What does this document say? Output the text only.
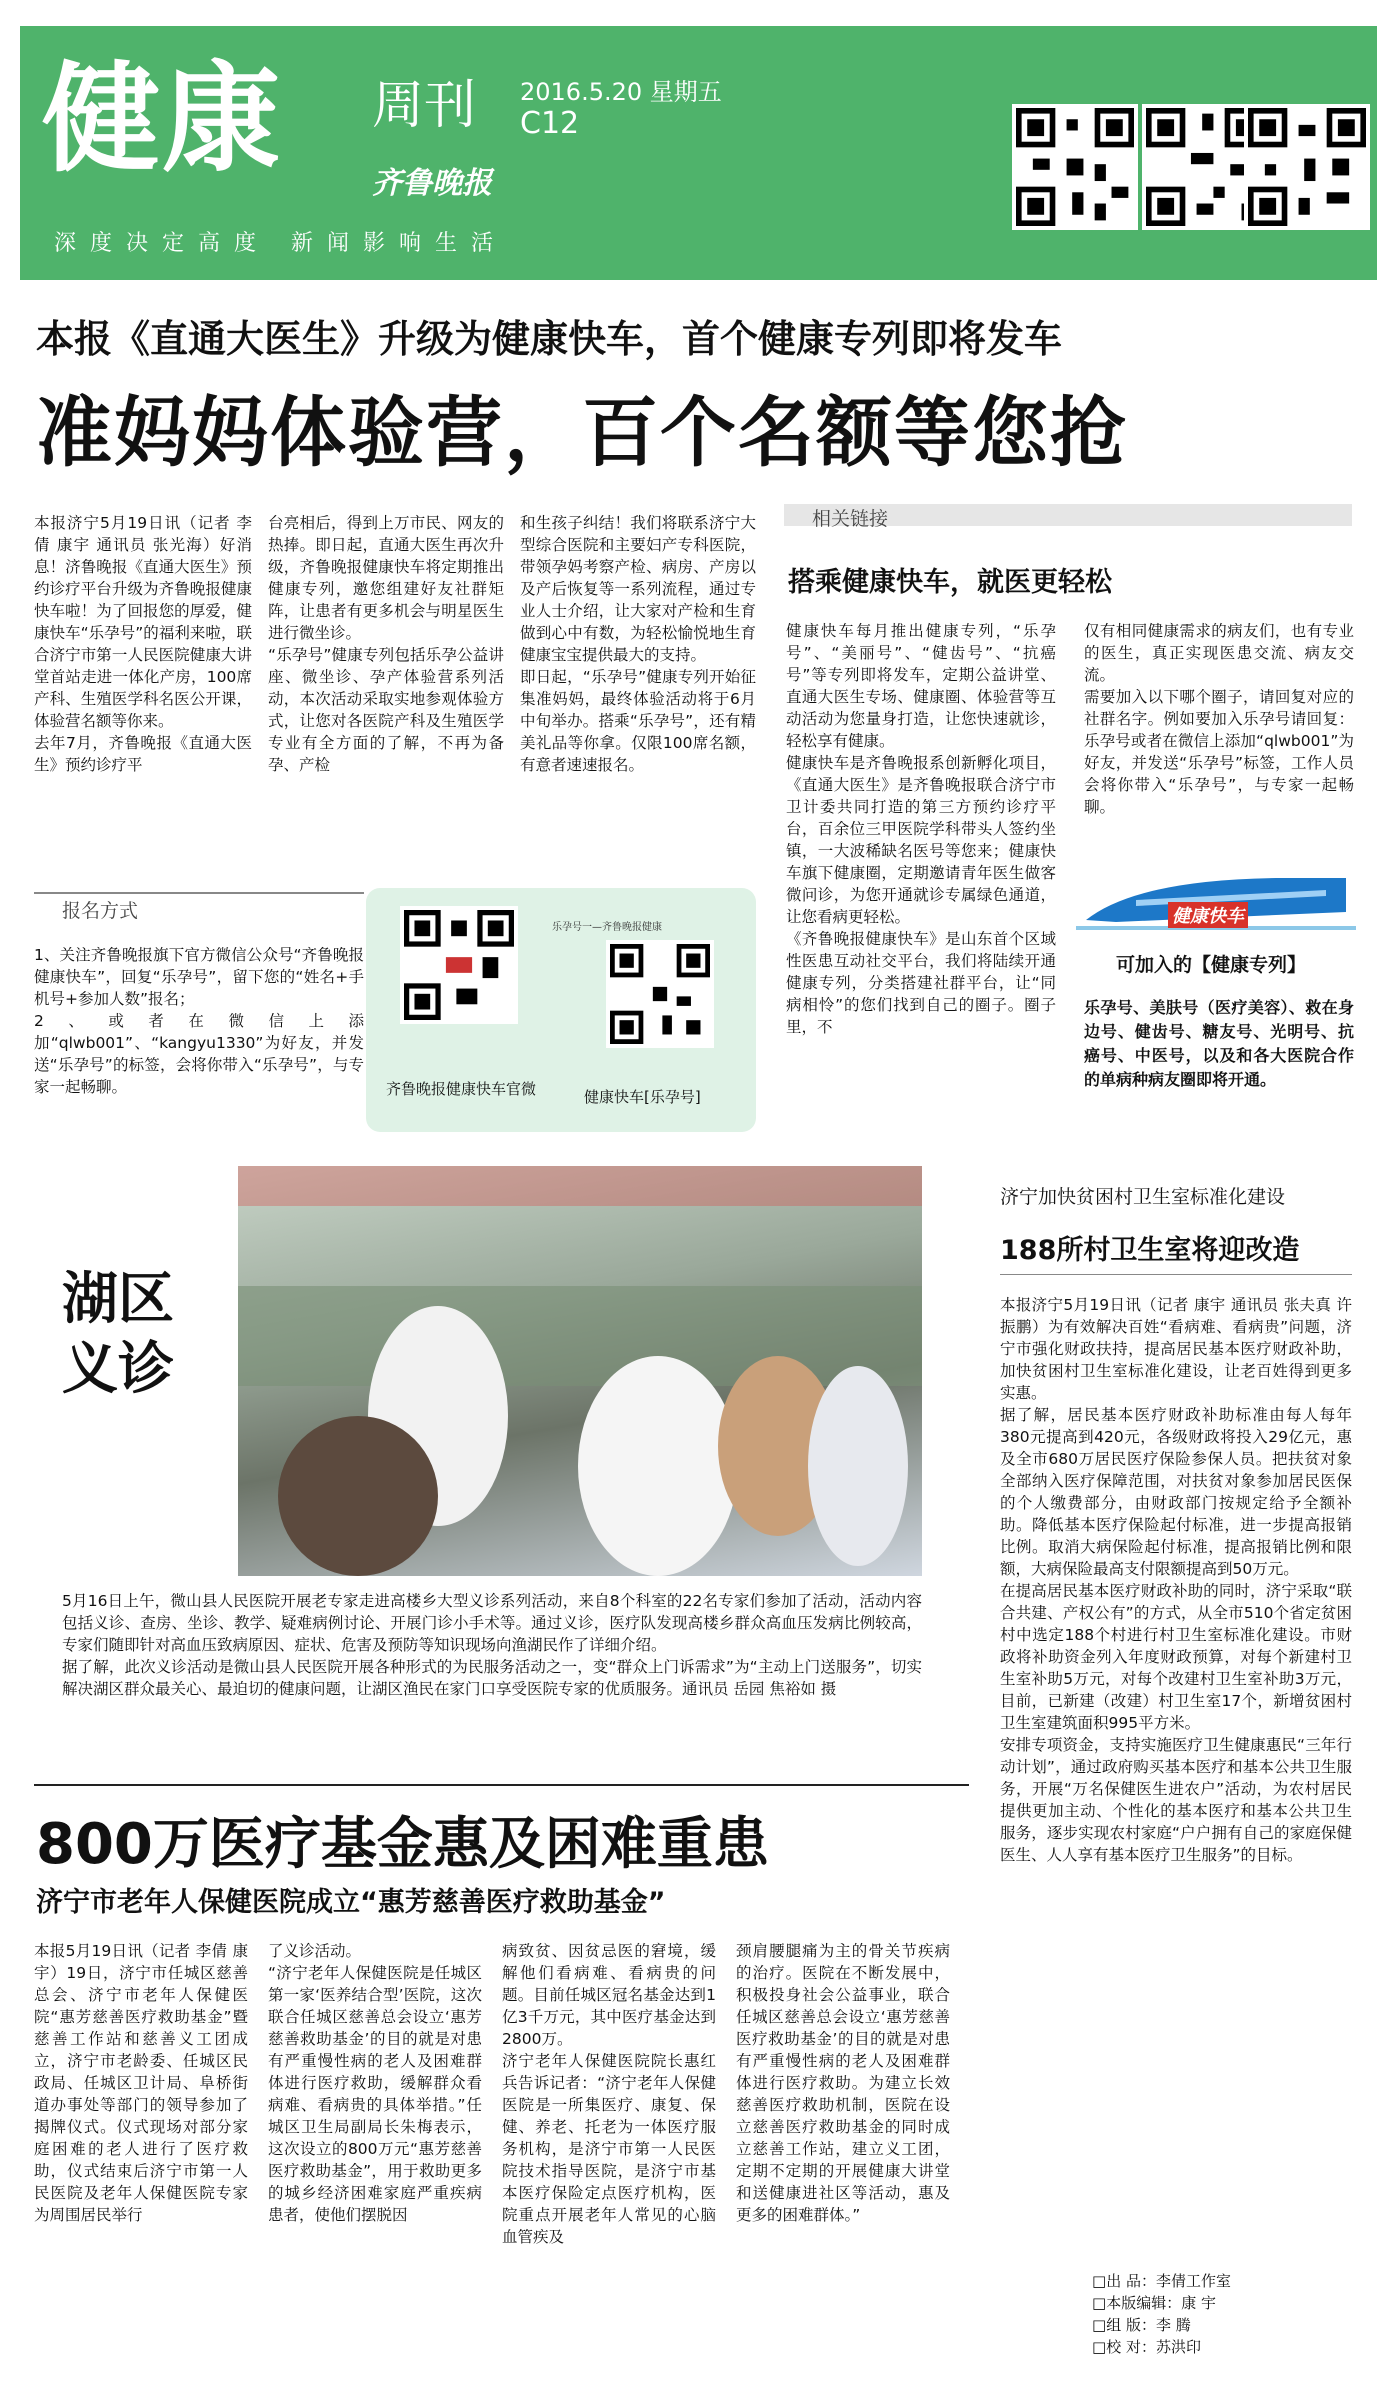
健康 周刊
齐鲁晚报
2016.5.20 星期五
C12
深度决定高度 新闻影响生活
本报《直通大医生》升级为健康快车，首个健康专列即将发车
准妈妈体验营，百个名额等您抢
本报济宁5月19日讯（记者 李倩 康宇 通讯员 张光海）好消息！济鲁晚报《直通大医生》预约诊疗平台升级为齐鲁晚报健康快车啦！为了回报您的厚爱，健康快车“乐孕号”的福利来啦，联合济宁市第一人民医院健康大讲堂首站走进一体化产房，100席产科、生殖医学科名医公开课，体验营名额等你来。
去年7月，齐鲁晚报《直通大医生》预约诊疗平
台亮相后，得到上万市民、网友的热捧。即日起，直通大医生再次升级，齐鲁晚报健康快车将定期推出健康专列，邀您组建好友社群矩阵，让患者有更多机会与明星医生进行微坐诊。
“乐孕号”健康专列包括乐孕公益讲座、微坐诊、孕产体验营系列活动，本次活动采取实地参观体验方式，让您对各医院产科及生殖医学专业有全方面的了解，不再为备孕、产检
和生孩子纠结！我们将联系济宁大型综合医院和主要妇产专科医院，带领孕妈考察产检、病房、产房以及产后恢复等一系列流程，通过专业人士介绍，让大家对产检和生育做到心中有数，为轻松愉悦地生育健康宝宝提供最大的支持。
即日起，“乐孕号”健康专列开始征集准妈妈，最终体验活动将于6月中旬举办。搭乘“乐孕号”，还有精美礼品等你拿。仅限100席名额，有意者速速报名。
报名方式
1、关注齐鲁晚报旗下官方微信公众号“齐鲁晚报健康快车”，回复“乐孕号”，留下您的“姓名+手机号+参加人数”报名；
2、或者在微信上添加“qlwb001”、“kangyu1330”为好友，并发送“乐孕号”的标签，会将你带入“乐孕号”，与专家一起畅聊。
乐孕号一—齐鲁晚报健康
齐鲁晚报健康快车官微	健康快车[乐孕号]
相关链接
搭乘健康快车，就医更轻松
健康快车每月推出健康专列，“乐孕号”、“美丽号”、“健齿号”、“抗癌号”等专列即将发车，定期公益讲堂、直通大医生专场、健康圈、体验营等互动活动为您量身打造，让您快速就诊，轻松享有健康。
健康快车是齐鲁晚报系创新孵化项目，《直通大医生》是齐鲁晚报联合济宁市卫计委共同打造的第三方预约诊疗平台，百余位三甲医院学科带头人签约坐镇，一大波稀缺名医号等您来；健康快车旗下健康圈，定期邀请青年医生做客微问诊，为您开通就诊专属绿色通道，让您看病更轻松。
《齐鲁晚报健康快车》是山东首个区域性医患互动社交平台，我们将陆续开通健康专列，分类搭建社群平台，让“同病相怜”的您们找到自己的圈子。圈子里，不
仅有相同健康需求的病友们，也有专业的医生，真正实现医患交流、病友交流。
需要加入以下哪个圈子，请回复对应的社群名字。例如要加入乐孕号请回复：乐孕号或者在微信上添加“qlwb001”为好友，并发送“乐孕号”标签，工作人员会将你带入“乐孕号”，与专家一起畅聊。
健康快车
可加入的【健康专列】
乐孕号、美肤号（医疗美容）、救在身边号、健齿号、糖友号、光明号、抗癌号、中医号，以及和各大医院合作的单病种病友圈即将开通。
湖区
义诊
5月16日上午，微山县人民医院开展老专家走进高楼乡大型义诊系列活动，来自8个科室的22名专家们参加了活动，活动内容包括义诊、查房、坐诊、教学、疑难病例讨论、开展门诊小手术等。通过义诊，医疗队发现高楼乡群众高血压发病比例较高，专家们随即针对高血压致病原因、症状、危害及预防等知识现场向渔湖民作了详细介绍。
据了解，此次义诊活动是微山县人民医院开展各种形式的为民服务活动之一，变“群众上门诉需求”为“主动上门送服务”，切实解决湖区群众最关心、最迫切的健康问题，让湖区渔民在家门口享受医院专家的优质服务。通讯员 岳园 焦裕如 摄
济宁加快贫困村卫生室标准化建设
188所村卫生室将迎改造
本报济宁5月19日讯（记者 康宇 通讯员 张夫真 许振鹏）为有效解决百姓“看病难、看病贵”问题，济宁市强化财政扶持，提高居民基本医疗财政补助，加快贫困村卫生室标准化建设，让老百姓得到更多实惠。
据了解，居民基本医疗财政补助标准由每人每年380元提高到420元，各级财政将投入29亿元，惠及全市680万居民医疗保险参保人员。把扶贫对象全部纳入医疗保障范围，对扶贫对象参加居民医保的个人缴费部分，由财政部门按规定给予全额补助。降低基本医疗保险起付标准，进一步提高报销比例。取消大病保险起付标准，提高报销比例和限额，大病保险最高支付限额提高到50万元。
在提高居民基本医疗财政补助的同时，济宁采取“联合共建、产权公有”的方式，从全市510个省定贫困村中选定188个村进行村卫生室标准化建设。市财政将补助资金列入年度财政预算，对每个新建村卫生室补助5万元，对每个改建村卫生室补助3万元，目前，已新建（改建）村卫生室17个，新增贫困村卫生室建筑面积995平方米。
安排专项资金，支持实施医疗卫生健康惠民“三年行动计划”，通过政府购买基本医疗和基本公共卫生服务，开展“万名保健医生进农户”活动，为农村居民提供更加主动、个性化的基本医疗和基本公共卫生服务，逐步实现农村家庭“户户拥有自己的家庭保健医生、人人享有基本医疗卫生服务”的目标。
800万医疗基金惠及困难重患
济宁市老年人保健医院成立“惠芳慈善医疗救助基金”
本报5月19日讯（记者 李倩 康宇）19日，济宁市任城区慈善总会、济宁市老年人保健医院“惠芳慈善医疗救助基金”暨慈善工作站和慈善义工团成立，济宁市老龄委、任城区民政局、任城区卫计局、阜桥街道办事处等部门的领导参加了揭牌仪式。仪式现场对部分家庭困难的老人进行了医疗救助，仪式结束后济宁市第一人民医院及老年人保健医院专家为周围居民举行
了义诊活动。
“济宁老年人保健医院是任城区第一家‘医养结合型’医院，这次联合任城区慈善总会设立‘惠芳慈善救助基金’的目的就是对患有严重慢性病的老人及困难群体进行医疗救助，缓解群众看病难、看病贵的具体举措。”任城区卫生局副局长朱梅表示，这次设立的800万元“惠芳慈善医疗救助基金”，用于救助更多的城乡经济困难家庭严重疾病患者，使他们摆脱因
病致贫、因贫忌医的窘境，缓解他们看病难、看病贵的问题。目前任城区冠名基金达到1亿3千万元，其中医疗基金达到2800万。
济宁老年人保健医院院长惠红兵告诉记者：“济宁老年人保健医院是一所集医疗、康复、保健、养老、托老为一体医疗服务机构，是济宁市第一人民医院技术指导医院，是济宁市基本医疗保险定点医疗机构，医院重点开展老年人常见的心脑血管疾及
颈肩腰腿痛为主的骨关节疾病的治疗。医院在不断发展中，积极投身社会公益事业，联合任城区慈善总会设立‘惠芳慈善医疗救助基金’的目的就是对患有严重慢性病的老人及困难群体进行医疗救助。为建立长效慈善医疗救助机制，医院在设立慈善医疗救助基金的同时成立慈善工作站，建立义工团，定期不定期的开展健康大讲堂和送健康进社区等活动，惠及更多的困难群体。”
□出 品：李倩工作室
□本版编辑：康 宇
□组 版：李 腾
□校 对：苏洪印
